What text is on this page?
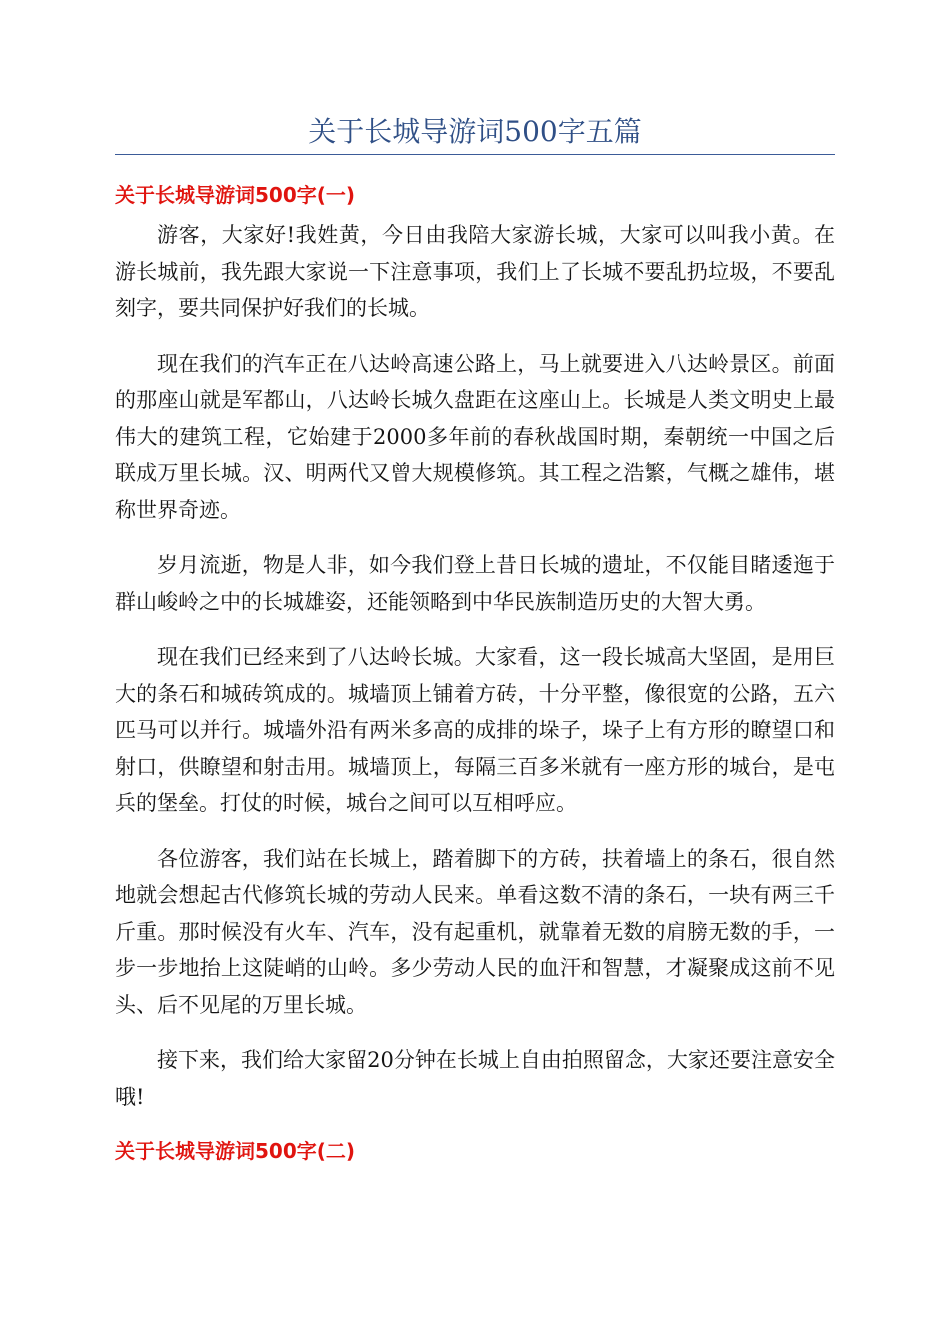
关于长城导游词500字五篇
关于长城导游词500字(一)

游客，大家好!我姓黄，今日由我陪大家游长城，大家可以叫我小黄。在游长城前，我先跟大家说一下注意事项，我们上了长城不要乱扔垃圾，不要乱刻字，要共同保护好我们的长城。

现在我们的汽车正在八达岭高速公路上，马上就要进入八达岭景区。前面的那座山就是军都山，八达岭长城久盘距在这座山上。长城是人类文明史上最伟大的建筑工程，它始建于2000多年前的春秋战国时期，秦朝统一中国之后联成万里长城。汉、明两代又曾大规模修筑。其工程之浩繁，气概之雄伟，堪称世界奇迹。

岁月流逝，物是人非，如今我们登上昔日长城的遗址，不仅能目睹逶迤于群山峻岭之中的长城雄姿，还能领略到中华民族制造历史的大智大勇。

现在我们已经来到了八达岭长城。大家看，这一段长城高大坚固，是用巨大的条石和城砖筑成的。城墙顶上铺着方砖，十分平整，像很宽的公路，五六匹马可以并行。城墙外沿有两米多高的成排的垛子，垛子上有方形的瞭望口和射口，供瞭望和射击用。城墙顶上，每隔三百多米就有一座方形的城台，是屯兵的堡垒。打仗的时候，城台之间可以互相呼应。

各位游客，我们站在长城上，踏着脚下的方砖，扶着墙上的条石，很自然地就会想起古代修筑长城的劳动人民来。单看这数不清的条石，一块有两三千斤重。那时候没有火车、汽车，没有起重机，就靠着无数的肩膀无数的手，一步一步地抬上这陡峭的山岭。多少劳动人民的血汗和智慧，才凝聚成这前不见头、后不见尾的万里长城。

接下来，我们给大家留20分钟在长城上自由拍照留念，大家还要注意安全哦!

关于长城导游词500字(二)
